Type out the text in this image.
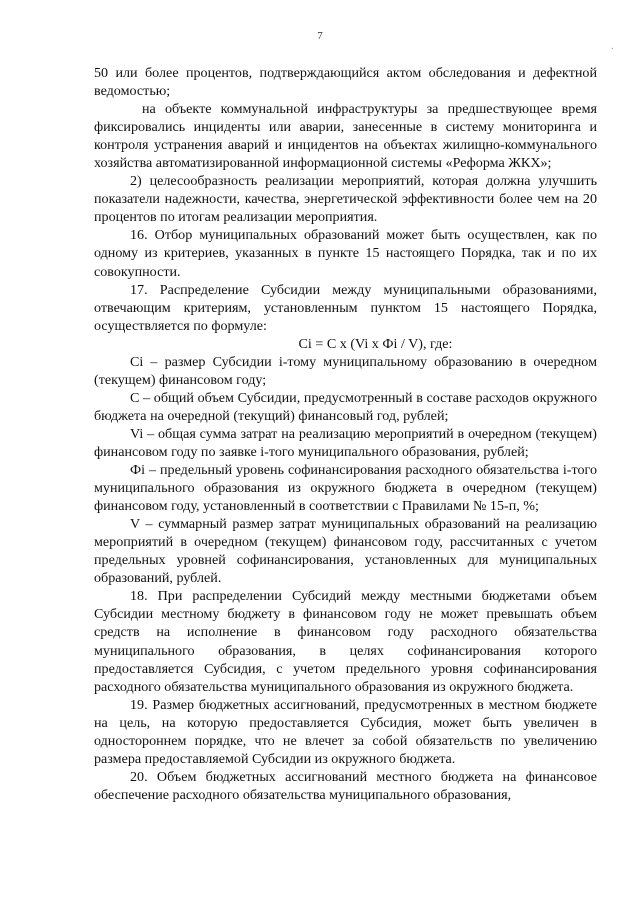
7
·

50 или более процентов, подтверждающийся актом обследования и дефектной ведомостью;

на объекте коммунальной инфраструктуры за предшествующее время фиксировались инциденты или аварии, занесенные в систему мониторинга и контроля устранения аварий и инцидентов на объектах жилищно-коммунального хозяйства автоматизированной информационной системы «Реформа ЖКХ»;

2) целесообразность реализации мероприятий, которая должна улучшить показатели надежности, качества, энергетической эффективности более чем на 20 процентов по итогам реализации мероприятия.

16. Отбор муниципальных образований может быть осуществлен, как по одному из критериев, указанных в пункте 15 настоящего Порядка, так и по их совокупности.

17. Распределение Субсидии между муниципальными образованиями, отвечающим критериям, установленным пунктом 15 настоящего Порядка, осуществляется по формуле:

Ci = C x (Vi x Фi / V), где:

Ci – размер Субсидии i-тому муниципальному образованию в очередном (текущем) финансовом году;

C – общий объем Субсидии, предусмотренный в составе расходов окружного бюджета на очередной (текущий) финансовый год, рублей;

Vi – общая сумма затрат на реализацию мероприятий в очередном (текущем) финансовом году по заявке i-того муниципального образования, рублей;

Фi – предельный уровень софинансирования расходного обязательства i-того муниципального образования из окружного бюджета в очередном (текущем) финансовом году, установленный в соответствии с Правилами № 15-п, %;

V – суммарный размер затрат муниципальных образований на реализацию мероприятий в очередном (текущем) финансовом году, рассчитанных с учетом предельных уровней софинансирования, установленных для муниципальных образований, рублей.

18. При распределении Субсидий между местными бюджетами объем Субсидии местному бюджету в финансовом году не может превышать объем средств на исполнение в финансовом году расходного обязательства муниципального образования, в целях софинансирования которого предоставляется Субсидия, с учетом предельного уровня софинансирования расходного обязательства муниципального образования из окружного бюджета.

19. Размер бюджетных ассигнований, предусмотренных в местном бюджете на цель, на которую предоставляется Субсидия, может быть увеличен в одностороннем порядке, что не влечет за собой обязательств по увеличению размера предоставляемой Субсидии из окружного бюджета.

20. Объем бюджетных ассигнований местного бюджета на финансовое обеспечение расходного обязательства муниципального образования,
